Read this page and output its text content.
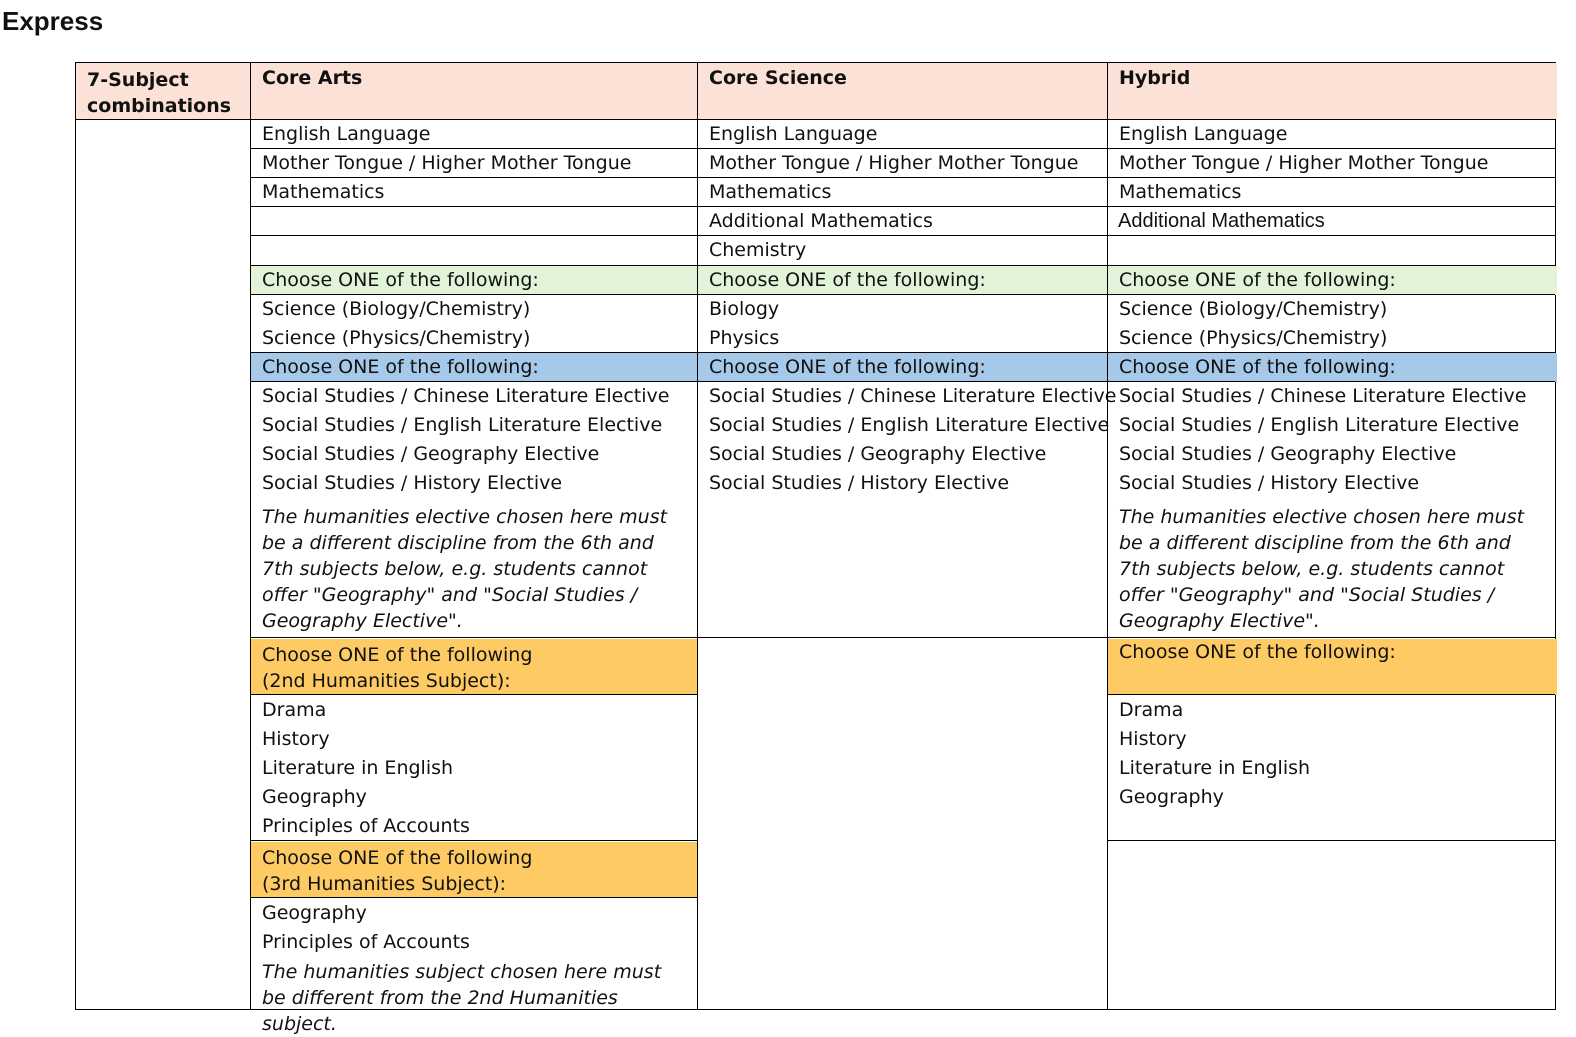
Express
7-Subject combinations
Core Arts	Core Science	Hybrid
English Language
Mother Tongue / Higher Mother Tongue
Mathematics
Choose ONE of the following:
Science (Biology/Chemistry)
Science (Physics/Chemistry)
Choose ONE of the following:
Social Studies / Chinese Literature Elective
Social Studies / English Literature Elective
Social Studies / Geography Elective
Social Studies / History Elective
The humanities elective chosen here must be a different discipline from the 6th and 7th subjects below, e.g. students cannot offer "Geography" and "Social Studies / Geography Elective".
Choose ONE of the following
(2nd Humanities Subject):
Drama
History
Literature in English
Geography
Principles of Accounts
Choose ONE of the following
(3rd Humanities Subject):
Geography
Principles of Accounts
The humanities subject chosen here must be different from the 2nd Humanities subject.
English Language
Mother Tongue / Higher Mother Tongue
Mathematics
Additional Mathematics
Chemistry
Choose ONE of the following:
Biology
Physics
Choose ONE of the following:
Social Studies / Chinese Literature Elective
Social Studies / English Literature Elective
Social Studies / Geography Elective
Social Studies / History Elective
English Language
Mother Tongue / Higher Mother Tongue
Mathematics
Additional Mathematics
Choose ONE of the following:
Science (Biology/Chemistry)
Science (Physics/Chemistry)
Choose ONE of the following:
Social Studies / Chinese Literature Elective
Social Studies / English Literature Elective
Social Studies / Geography Elective
Social Studies / History Elective
The humanities elective chosen here must be a different discipline from the 6th and 7th subjects below, e.g. students cannot offer "Geography" and "Social Studies / Geography Elective".
Choose ONE of the following:
Drama
History
Literature in English
Geography
